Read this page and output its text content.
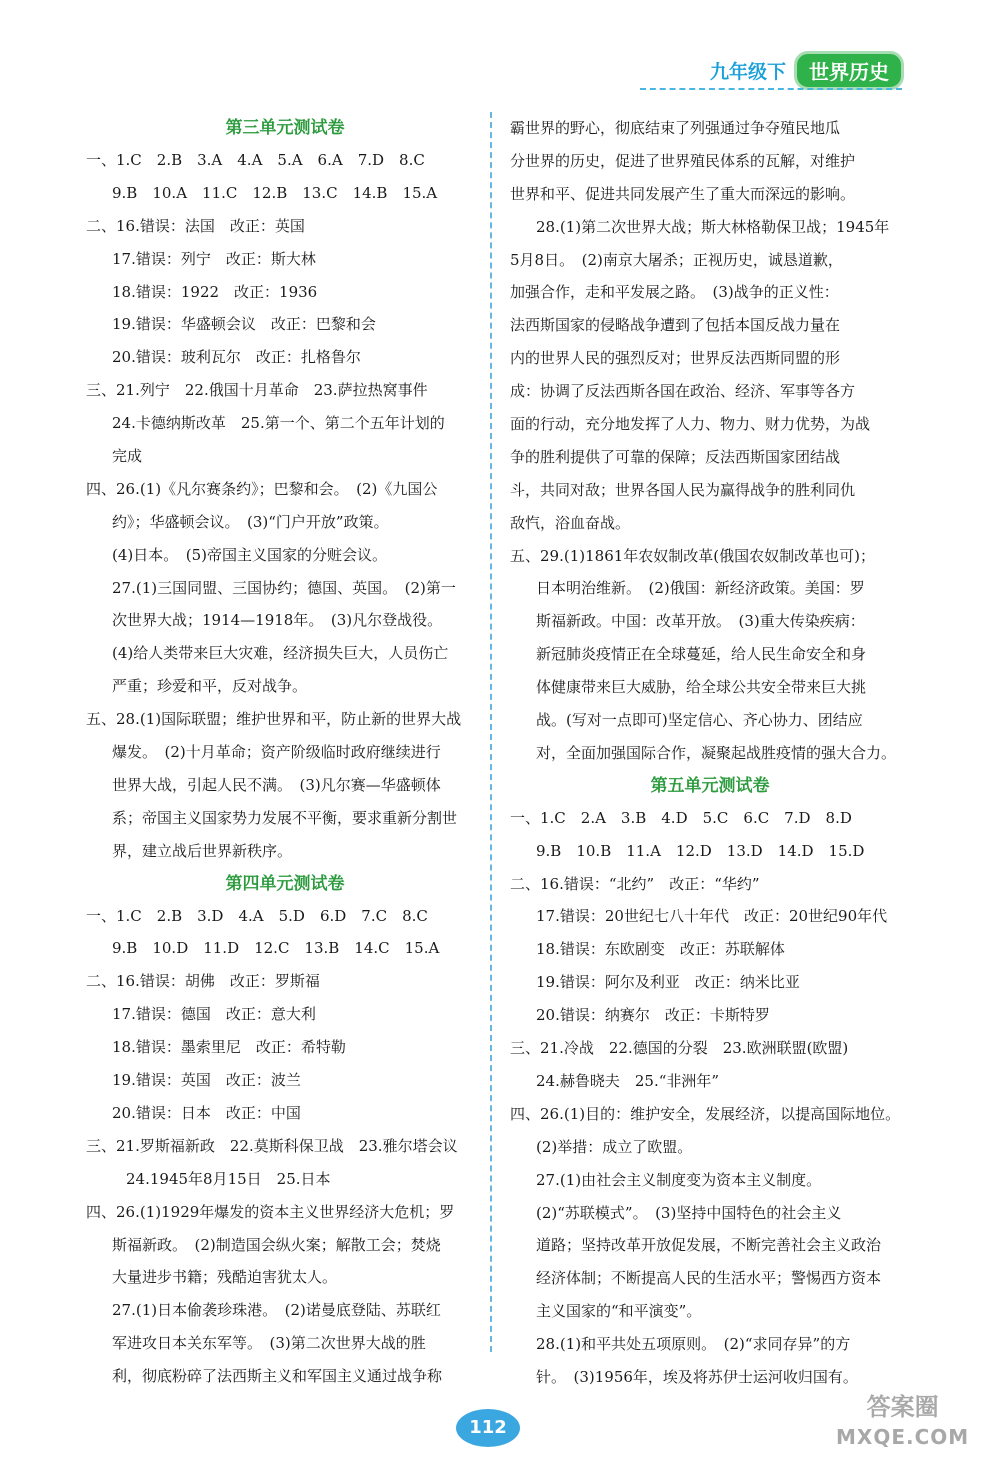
九年级下	世界历史
第三单元测试卷
一、1.C　2.B　3.A　4.A　5.A　6.A　7.D　8.C
9.B　10.A　11.C　12.B　13.C　14.B　15.A
二、16.错误：法国　改正：英国
17.错误：列宁　改正：斯大林
18.错误：1922　改正：1936
19.错误：华盛顿会议　改正：巴黎和会
20.错误：玻利瓦尔　改正：扎格鲁尔
三、21.列宁　22.俄国十月革命　23.萨拉热窝事件
24.卡德纳斯改革　25.第一个、第二个五年计划的
完成
四、26.(1)《凡尔赛条约》；巴黎和会。　(2)《九国公
约》；华盛顿会议。　(3)“门户开放”政策。
(4)日本。　(5)帝国主义国家的分赃会议。
27.(1)三国同盟、三国协约；德国、英国。　(2)第一
次世界大战；1914—1918年。　(3)凡尔登战役。
(4)给人类带来巨大灾难，经济损失巨大，人员伤亡
严重；珍爱和平，反对战争。
五、28.(1)国际联盟；维护世界和平，防止新的世界大战
爆发。　(2)十月革命；资产阶级临时政府继续进行
世界大战，引起人民不满。　(3)凡尔赛—华盛顿体
系；帝国主义国家势力发展不平衡，要求重新分割世
界，建立战后世界新秩序。
第四单元测试卷
一、1.C　2.B　3.D　4.A　5.D　6.D　7.C　8.C
9.B　10.D　11.D　12.C　13.B　14.C　15.A
二、16.错误：胡佛　改正：罗斯福
17.错误：德国　改正：意大利
18.错误：墨索里尼　改正：希特勒
19.错误：英国　改正：波兰
20.错误：日本　改正：中国
三、21.罗斯福新政　22.莫斯科保卫战　23.雅尔塔会议
24.1945年8月15日　25.日本
四、26.(1)1929年爆发的资本主义世界经济大危机；罗
斯福新政。　(2)制造国会纵火案；解散工会；焚烧
大量进步书籍；残酷迫害犹太人。
27.(1)日本偷袭珍珠港。　(2)诺曼底登陆、苏联红
军进攻日本关东军等。　(3)第二次世界大战的胜
利，彻底粉碎了法西斯主义和军国主义通过战争称
霸世界的野心，彻底结束了列强通过争夺殖民地瓜
分世界的历史，促进了世界殖民体系的瓦解，对维护
世界和平、促进共同发展产生了重大而深远的影响。
28.(1)第二次世界大战；斯大林格勒保卫战；1945年
5月8日。　(2)南京大屠杀；正视历史，诚恳道歉，
加强合作，走和平发展之路。　(3)战争的正义性：
法西斯国家的侵略战争遭到了包括本国反战力量在
内的世界人民的强烈反对；世界反法西斯同盟的形
成：协调了反法西斯各国在政治、经济、军事等各方
面的行动，充分地发挥了人力、物力、财力优势，为战
争的胜利提供了可靠的保障；反法西斯国家团结战
斗，共同对敌；世界各国人民为赢得战争的胜利同仇
敌忾，浴血奋战。
五、29.(1)1861年农奴制改革(俄国农奴制改革也可)；
日本明治维新。　(2)俄国：新经济政策。美国：罗
斯福新政。中国：改革开放。　(3)重大传染疾病：
新冠肺炎疫情正在全球蔓延，给人民生命安全和身
体健康带来巨大威胁，给全球公共安全带来巨大挑
战。(写对一点即可)坚定信心、齐心协力、团结应
对，全面加强国际合作，凝聚起战胜疫情的强大合力。
第五单元测试卷
一、1.C　2.A　3.B　4.D　5.C　6.C　7.D　8.D
9.B　10.B　11.A　12.D　13.D　14.D　15.D
二、16.错误：“北约”　改正：“华约”
17.错误：20世纪七八十年代　改正：20世纪90年代
18.错误：东欧剧变　改正：苏联解体
19.错误：阿尔及利亚　改正：纳米比亚
20.错误：纳赛尔　改正：卡斯特罗
三、21.冷战　22.德国的分裂　23.欧洲联盟(欧盟)
24.赫鲁晓夫　25.“非洲年”
四、26.(1)目的：维护安全，发展经济，以提高国际地位。
(2)举措：成立了欧盟。
27.(1)由社会主义制度变为资本主义制度。
(2)“苏联模式”。　(3)坚持中国特色的社会主义
道路；坚持改革开放促发展，不断完善社会主义政治
经济体制；不断提高人民的生活水平；警惕西方资本
主义国家的“和平演变”。
28.(1)和平共处五项原则。　(2)“求同存异”的方
针。　(3)1956年，埃及将苏伊士运河收归国有。
112
答案圈
MXQE.COM
